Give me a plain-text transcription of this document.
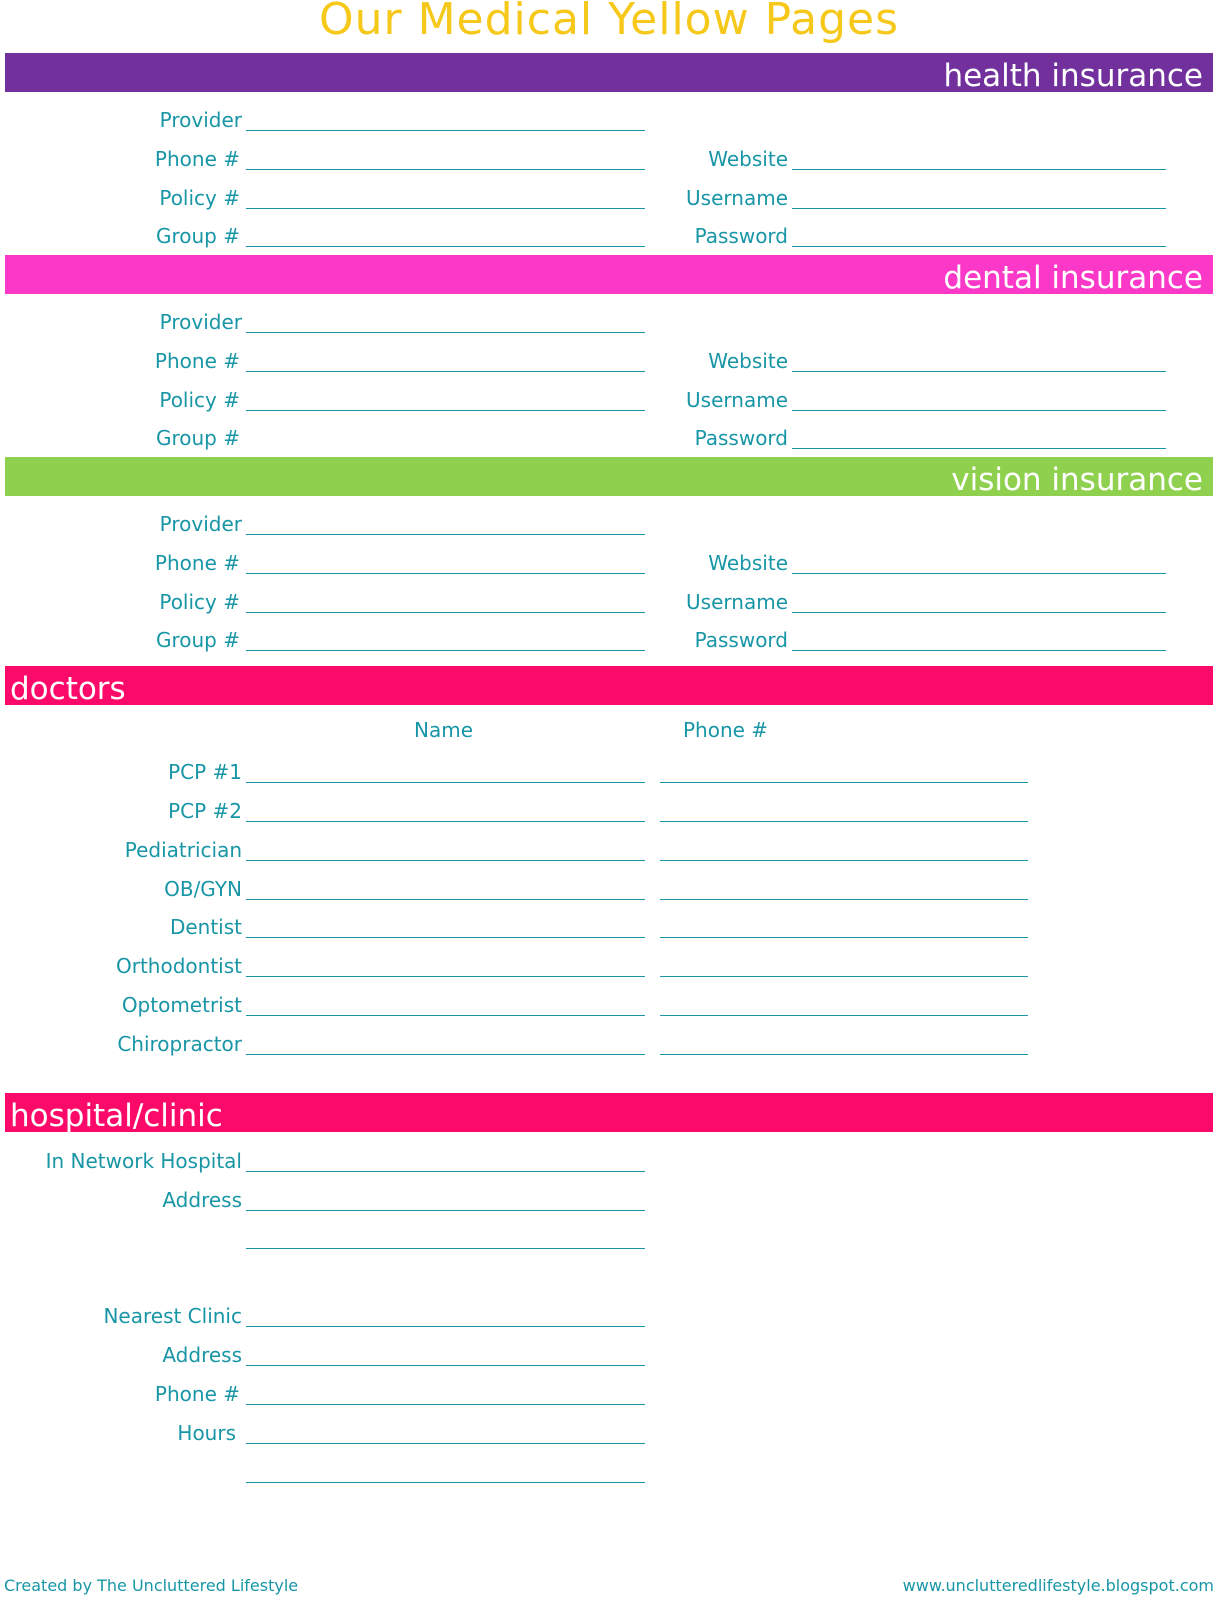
Our Medical Yellow Pages
health insurance
Provider
Phone #	Website
Policy #	Username
Group #	Password
dental insurance
Provider
Phone #	Website
Policy #	Username
Group #	Password
vision insurance
Provider
Phone #	Website
Policy #	Username
Group #	Password
doctors
Name	Phone #
PCP #1
PCP #2
Pediatrician
OB/GYN
Dentist
Orthodontist
Optometrist
Chiropractor
hospital/clinic
In Network Hospital
Address
Nearest Clinic
Address
Phone #
Hours
Created by The Uncluttered Lifestyle	www.unclutteredlifestyle.blogspot.com
